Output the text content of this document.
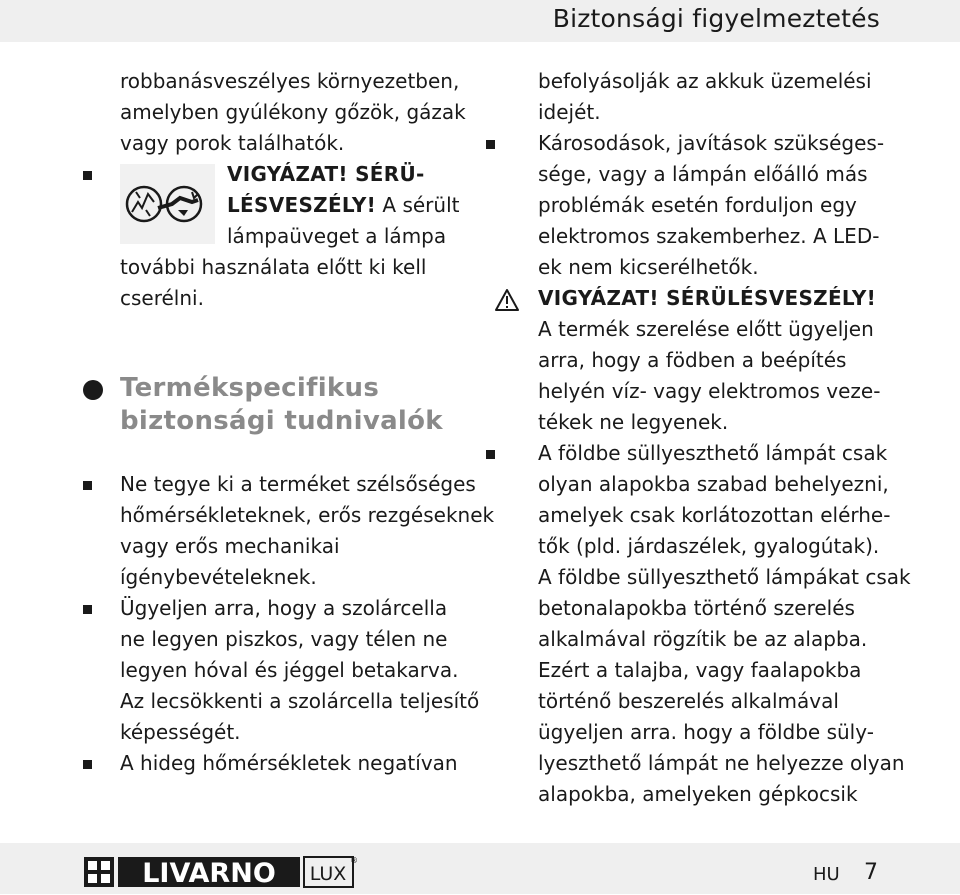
Biztonsági figyelmeztetés
robbanásveszélyes környezetben,
amelyben gyúlékony gőzök, gázak
vagy porok találhatók.
VIGYÁZAT! SÉRÜ-
LÉSVESZÉLY! A sérült
lámpaüveget a lámpa
további használata előtt ki kell
cserélni.
Termékspecifikus
biztonsági tudnivalók
Ne tegye ki a terméket szélsőséges
hőmérsékleteknek, erős rezgéseknek
vagy erős mechanikai
ígénybevételeknek.
Ügyeljen arra, hogy a szolárcella
ne legyen piszkos, vagy télen ne
legyen hóval és jéggel betakarva.
Az lecsökkenti a szolárcella teljesítő
képességét.
A hideg hőmérsékletek negatívan
befolyásolják az akkuk üzemelési
idejét.
Károsodások, javítások szükséges-
sége, vagy a lámpán előálló más
problémák esetén forduljon egy
elektromos szakemberhez. A LED-
ek nem kicserélhetők.
VIGYÁZAT! SÉRÜLÉSVESZÉLY!
A termék szerelése előtt ügyeljen
arra, hogy a födben a beépítés
helyén víz- vagy elektromos veze-
tékek ne legyenek.
A földbe süllyeszthető lámpát csak
olyan alapokba szabad behelyezni,
amelyek csak korlátozottan elérhe-
tők (pld. járdaszélek, gyalogútak).
A földbe süllyeszthető lámpákat csak
betonalapokba történő szerelés
alkalmával rögzítik be az alapba.
Ezért a talajba, vagy faalapokba
történő beszerelés alkalmával
ügyeljen arra. hogy a földbe süly-
lyeszthető lámpát ne helyezze olyan
alapokba, amelyeken gépkocsik
LIVARNO LUX
®
HU 7
